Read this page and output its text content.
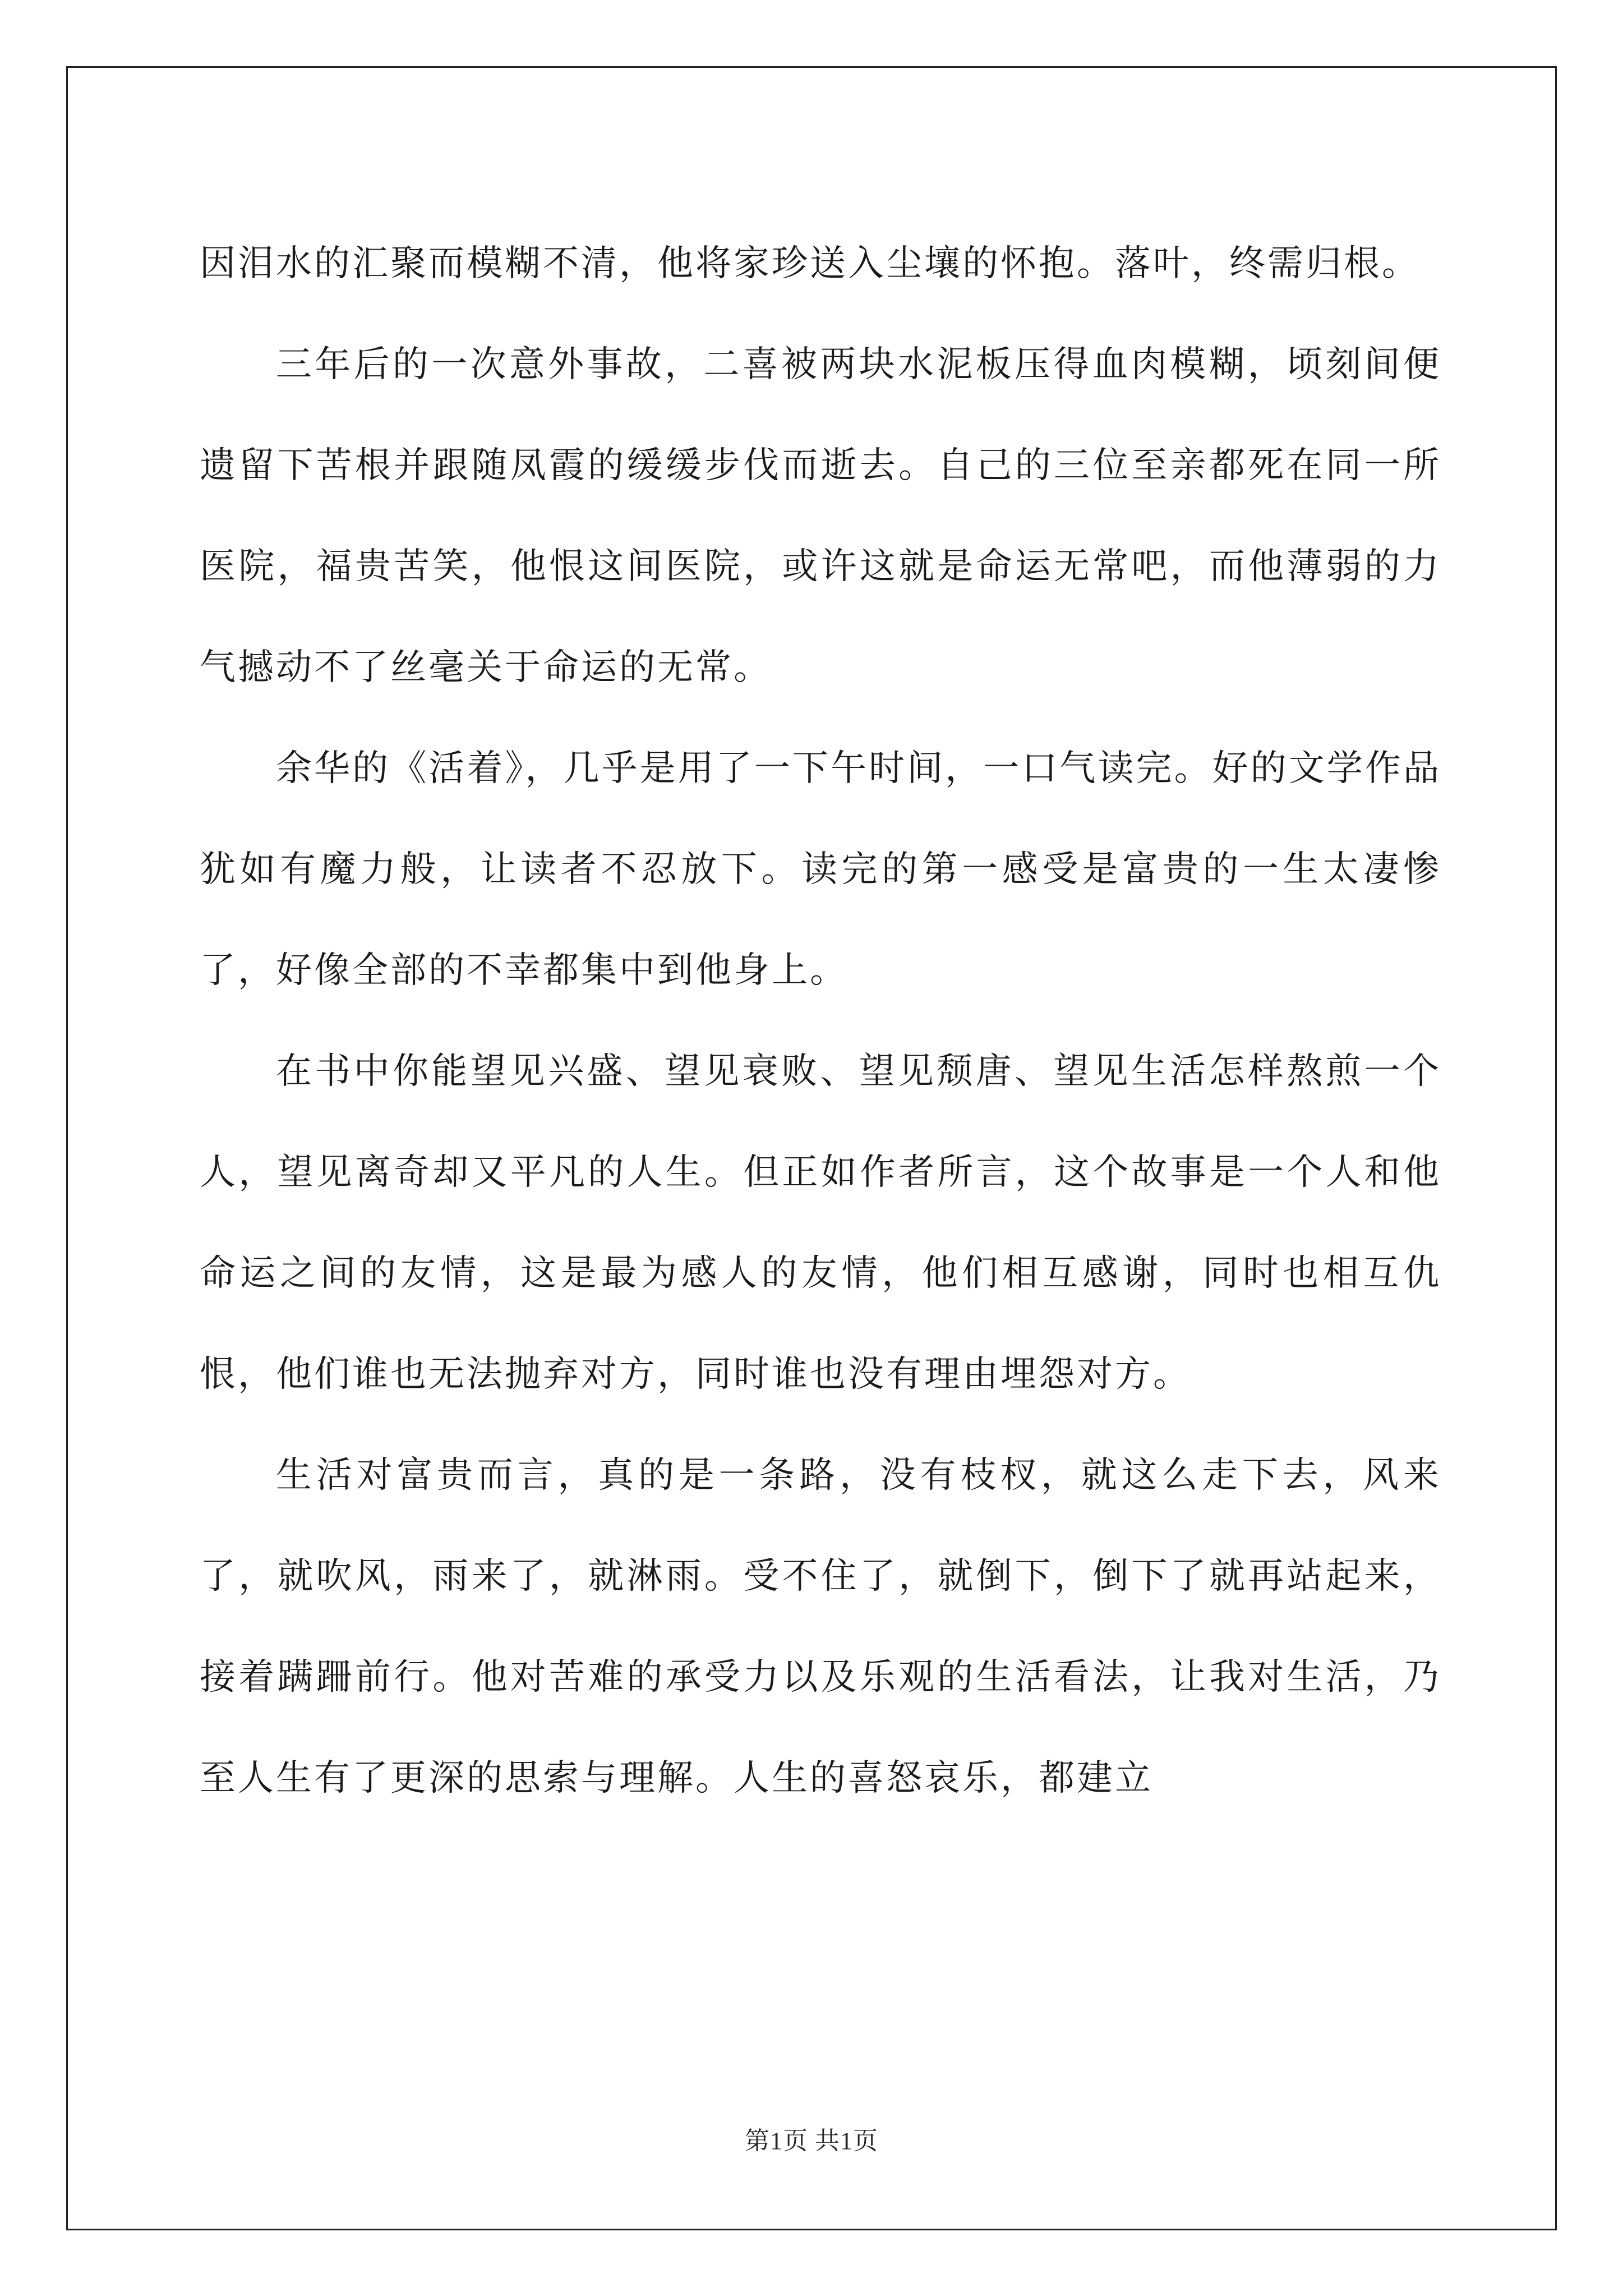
因泪水的汇聚而模糊不清，他将家珍送入尘壤的怀抱。落叶，终需归根。

三年后的一次意外事故，二喜被两块水泥板压得血肉模糊，顷刻间便遗留下苦根并跟随凤霞的缓缓步伐而逝去。自己的三位至亲都死在同一所医院，福贵苦笑，他恨这间医院，或许这就是命运无常吧，而他薄弱的力气撼动不了丝毫关于命运的无常。

余华的《活着》，几乎是用了一下午时间，一口气读完。好的文学作品犹如有魔力般，让读者不忍放下。读完的第一感受是富贵的一生太凄惨了，好像全部的不幸都集中到他身上。

在书中你能望见兴盛、望见衰败、望见颓唐、望见生活怎样熬煎一个人，望见离奇却又平凡的人生。但正如作者所言，这个故事是一个人和他命运之间的友情，这是最为感人的友情，他们相互感谢，同时也相互仇恨，他们谁也无法抛弃对方，同时谁也没有理由埋怨对方。

生活对富贵而言，真的是一条路，没有枝杈，就这么走下去，风来了，就吹风，雨来了，就淋雨。受不住了，就倒下，倒下了就再站起来，接着蹒跚前行。他对苦难的承受力以及乐观的生活看法，让我对生活，乃至人生有了更深的思索与理解。人生的喜怒哀乐，都建立

第1页 共1页
